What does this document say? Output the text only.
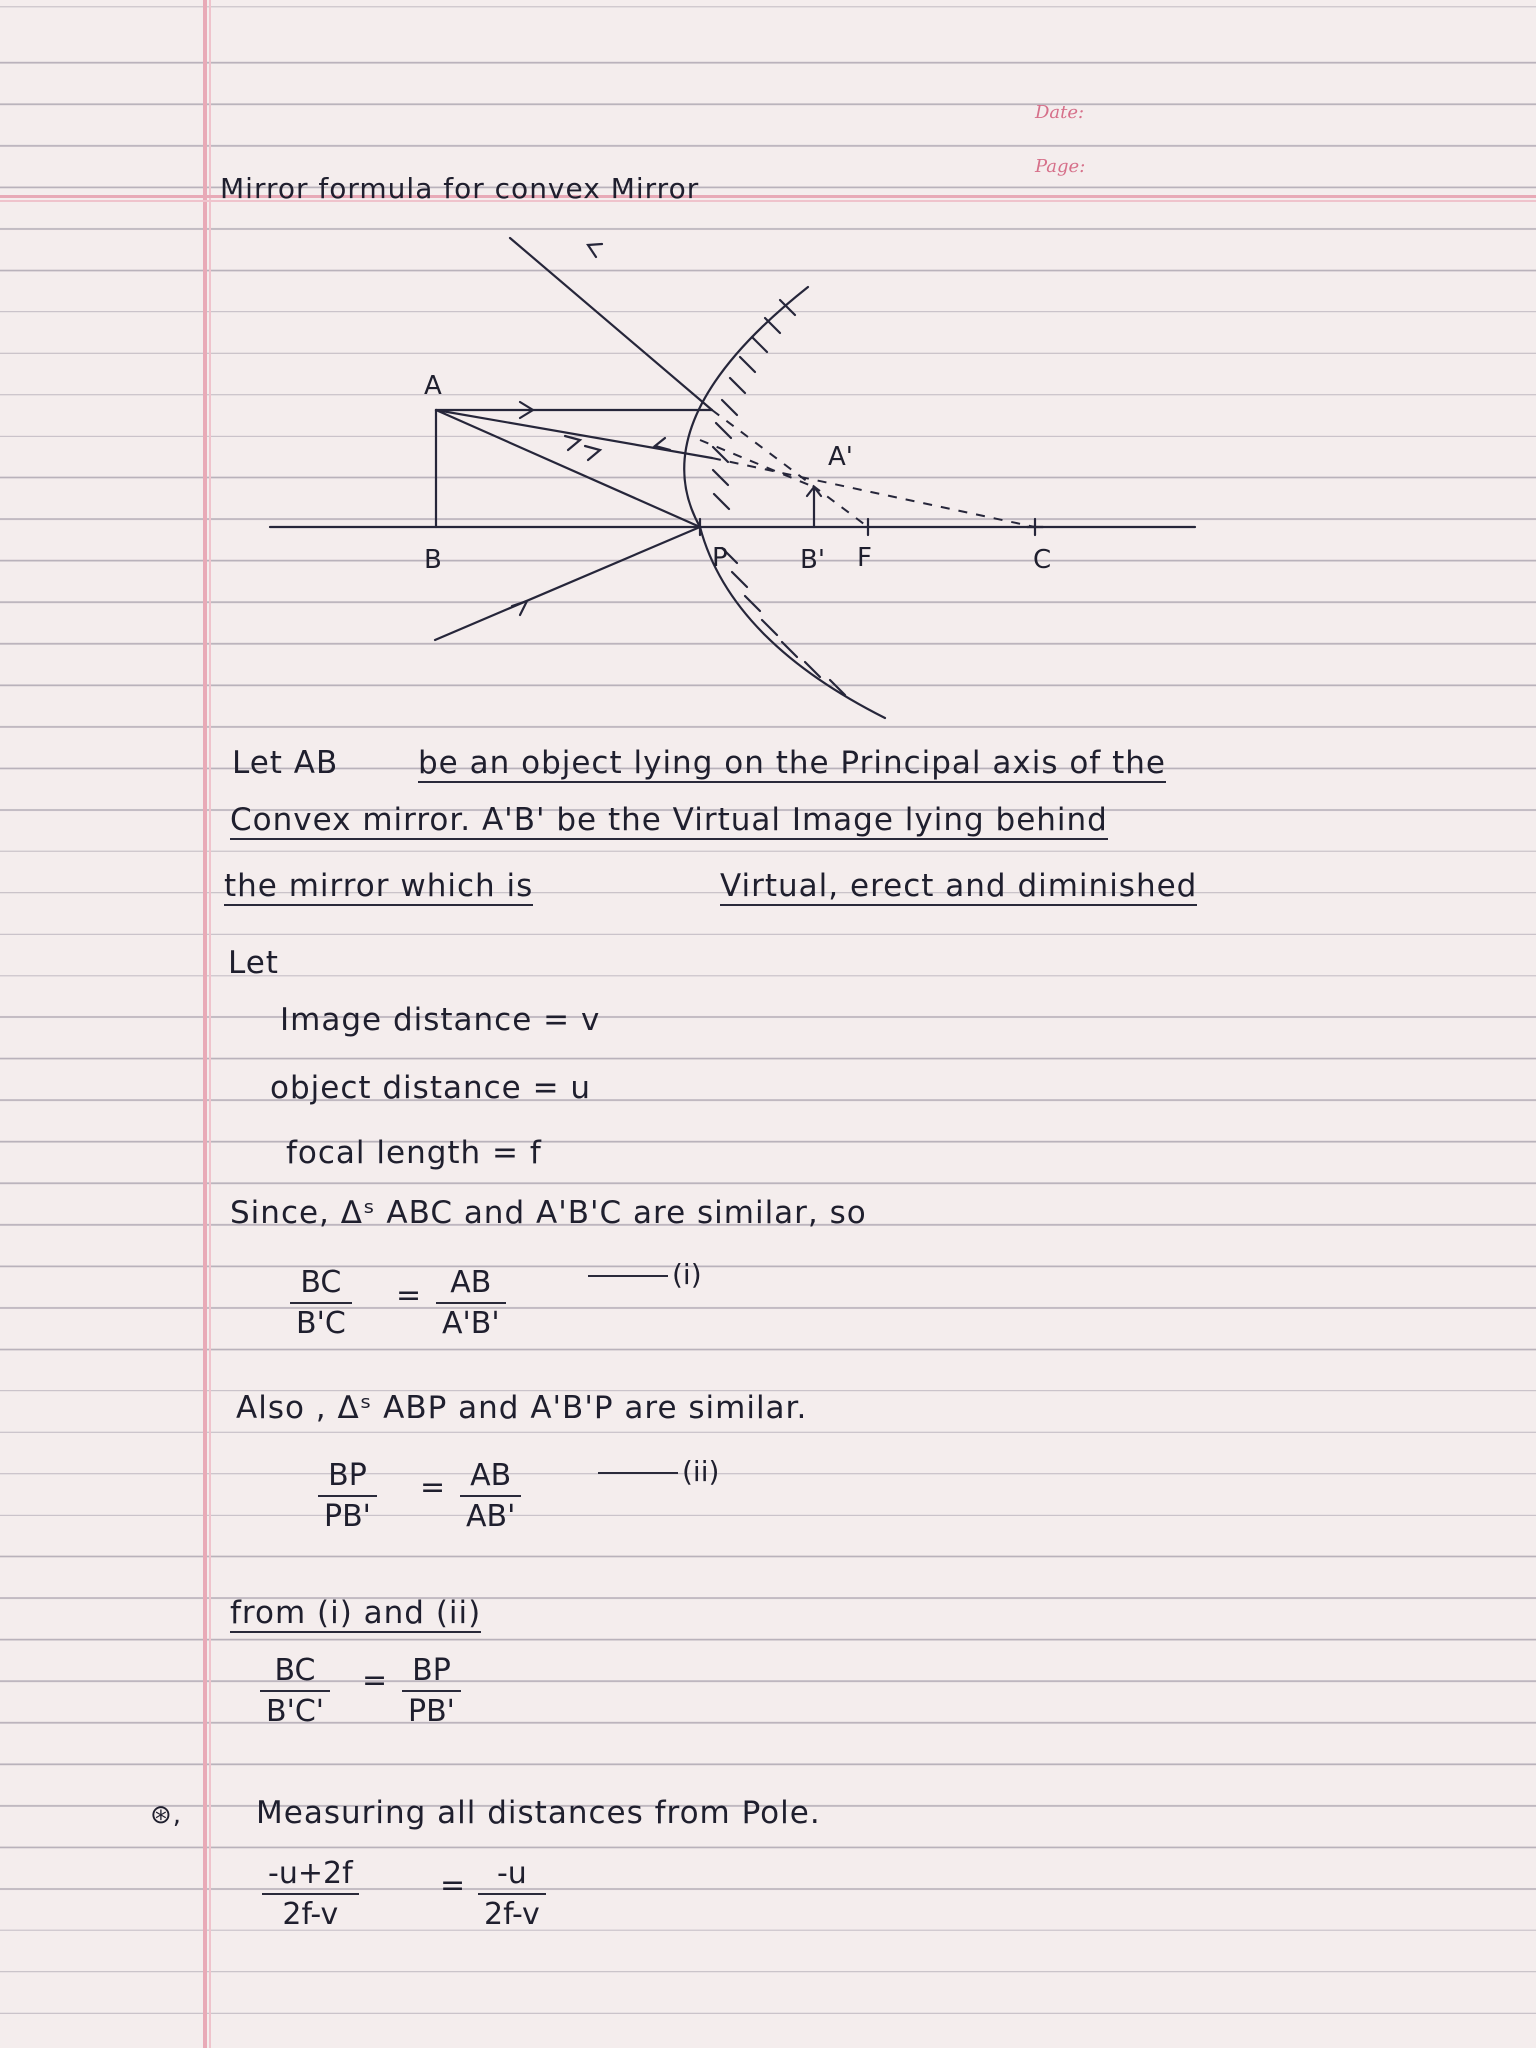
Date:
Page:
Mirror formula for convex Mirror
A
B
A'
B'
P	F	C
Let AB	be an object lying on the Principal axis of the
Convex mirror. A'B' be the Virtual Image lying behind
the mirror which is	Virtual, erect and diminished
Let
Image distance = v
object distance = u
focal length = f
Since, Δˢ ABC and A'B'C are similar, so
$\frac{BC}{B'C} = \frac{AB}{A'B'}$	(i)
Also , Δˢ ABP and A'B'P are similar.
$\frac{BP}{PB'} = \frac{AB}{AB'}$	(ii)
from (i) and (ii)
$\frac{BC}{B'C'} = \frac{BP}{PB'}$
⊛, Measuring all distances from Pole.
$\frac{-u+2f}{2f-v}$	= $\frac{-u}{2f-v}$
